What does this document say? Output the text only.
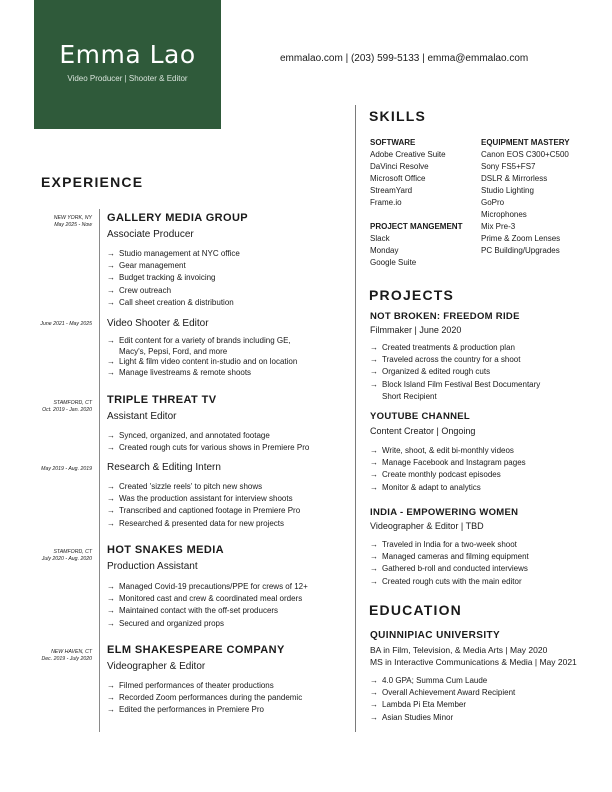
Emma Lao
Video Producer | Shooter & Editor
emmalao.com | (203) 599-5133 | emma@emmalao.com
EXPERIENCE
NEW YORK, NY
May 2025 - Now
GALLERY MEDIA GROUP
Associate Producer
→ Studio management at NYC office
→ Gear management
→ Budget tracking & invoicing
→ Crew outreach
→ Call sheet creation & distribution
June 2021 - May 2025 Video Shooter & Editor
→ Edit content for a variety of brands including GE,
Macy's, Pepsi, Ford, and more
→ Light & film video content in-studio and on location
→ Manage livestreams & remote shoots
STAMFORD, CT
Oct. 2019 - Jan. 2020
TRIPLE THREAT TV
Assistant Editor
→ Synced, organized, and annotated footage
→ Created rough cuts for various shows in Premiere Pro
May 2019 - Aug. 2019 Research & Editing Intern
→ Created 'sizzle reels' to pitch new shows
→ Was the production assistant for interview shoots
→ Transcribed and captioned footage in Premiere Pro
→ Researched & presented data for new projects
STAMFORD, CT
July 2020 - Aug. 2020
HOT SNAKES MEDIA
Production Assistant
→ Managed Covid-19 precautions/PPE for crews of 12+
→ Monitored cast and crew & coordinated meal orders
→ Maintained contact with the off-set producers
→ Secured and organized props
NEW HAVEN, CT
Dec. 2019 - July 2020
ELM SHAKESPEARE COMPANY
Videographer & Editor
→ Filmed performances of theater productions
→ Recorded Zoom performances during the pandemic
→ Edited the performances in Premiere Pro
SKILLS
SOFTWARE
Adobe Creative Suite
DaVinci Resolve
Microsoft Office
StreamYard
Frame.io
PROJECT MANGEMENT
Slack
Monday
Google Suite
EQUIPMENT MASTERY
Canon EOS C300+C500
Sony FS5+FS7
DSLR & Mirrorless
Studio Lighting
GoPro
Microphones
Mix Pre-3
Prime & Zoom Lenses
PC Building/Upgrades
PROJECTS
NOT BROKEN: FREEDOM RIDE
Filmmaker | June 2020
→ Created treatments & production plan
→ Traveled across the country for a shoot
→ Organized & edited rough cuts
→ Block Island Film Festival Best Documentary
Short Recipient
YOUTUBE CHANNEL
Content Creator | Ongoing
→ Write, shoot, & edit bi-monthly videos
→ Manage Facebook and Instagram pages
→ Create monthly podcast episodes
→ Monitor & adapt to analytics
INDIA - EMPOWERING WOMEN
Videographer & Editor | TBD
→ Traveled in India for a two-week shoot
→ Managed cameras and filming equipment
→ Gathered b-roll and conducted interviews
→ Created rough cuts with the main editor
EDUCATION
QUINNIPIAC UNIVERSITY
BA in Film, Television, & Media Arts | May 2020
MS in Interactive Communications & Media | May 2021
→ 4.0 GPA; Summa Cum Laude
→ Overall Achievement Award Recipient
→ Lambda Pi Eta Member
→ Asian Studies Minor
